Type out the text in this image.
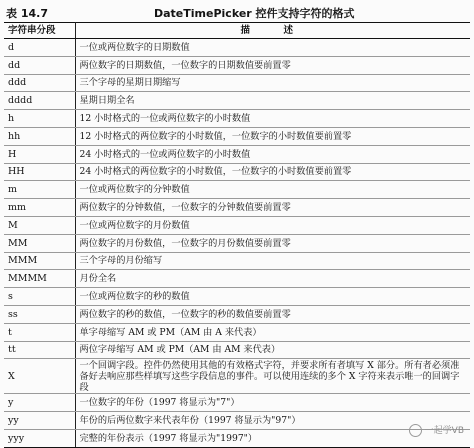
表 14.7	DateTimePicker 控件支持字符的格式
字符串分段	描　述
d	一位或两位数字的日期数值
dd	两位数字的日期数值，一位数字的日期数值要前置零
ddd	三个字母的星期日期缩写
dddd	星期日期全名
h	12 小时格式的一位或两位数字的小时数值
hh	12 小时格式的两位数字的小时数值，一位数字的小时数值要前置零
H	24 小时格式的一位或两位数字的小时数值
HH	24 小时格式的两位数字的小时数值，一位数字的小时数值要前置零
m	一位或两位数字的分钟数值
mm	两位数字的分钟数值，一位数字的分钟数值要前置零
M	一位或两位数字的月份数值
MM	两位数字的月份数值，一位数字的月份数值要前置零
MMM	三个字母的月份缩写
MMMM	月份全名
s	一位或两位数字的秒的数值
ss	两位数字的秒的数值，一位数字的秒的数值要前置零
t	单字母缩写 AM 或 PM（AM 由 A 来代表）
tt	两位字母缩写 AM 或 PM（AM 由 AM 来代表）
X	一个回调字段。控件仍然使用其他的有效格式字符，并要求所有者填写 X 部分。所有者必须准备好去响应那些样填写这些字段信息的事件。可以使用连续的多个 X 字符来表示唯一的回调字段
y	一位数字的年份（1997 将显示为"7"）
yy	年份的后两位数字来代表年份（1997 将显示为"97"）
yyy	完整的年份表示（1997 将显示为"1997"）
一起学VB
